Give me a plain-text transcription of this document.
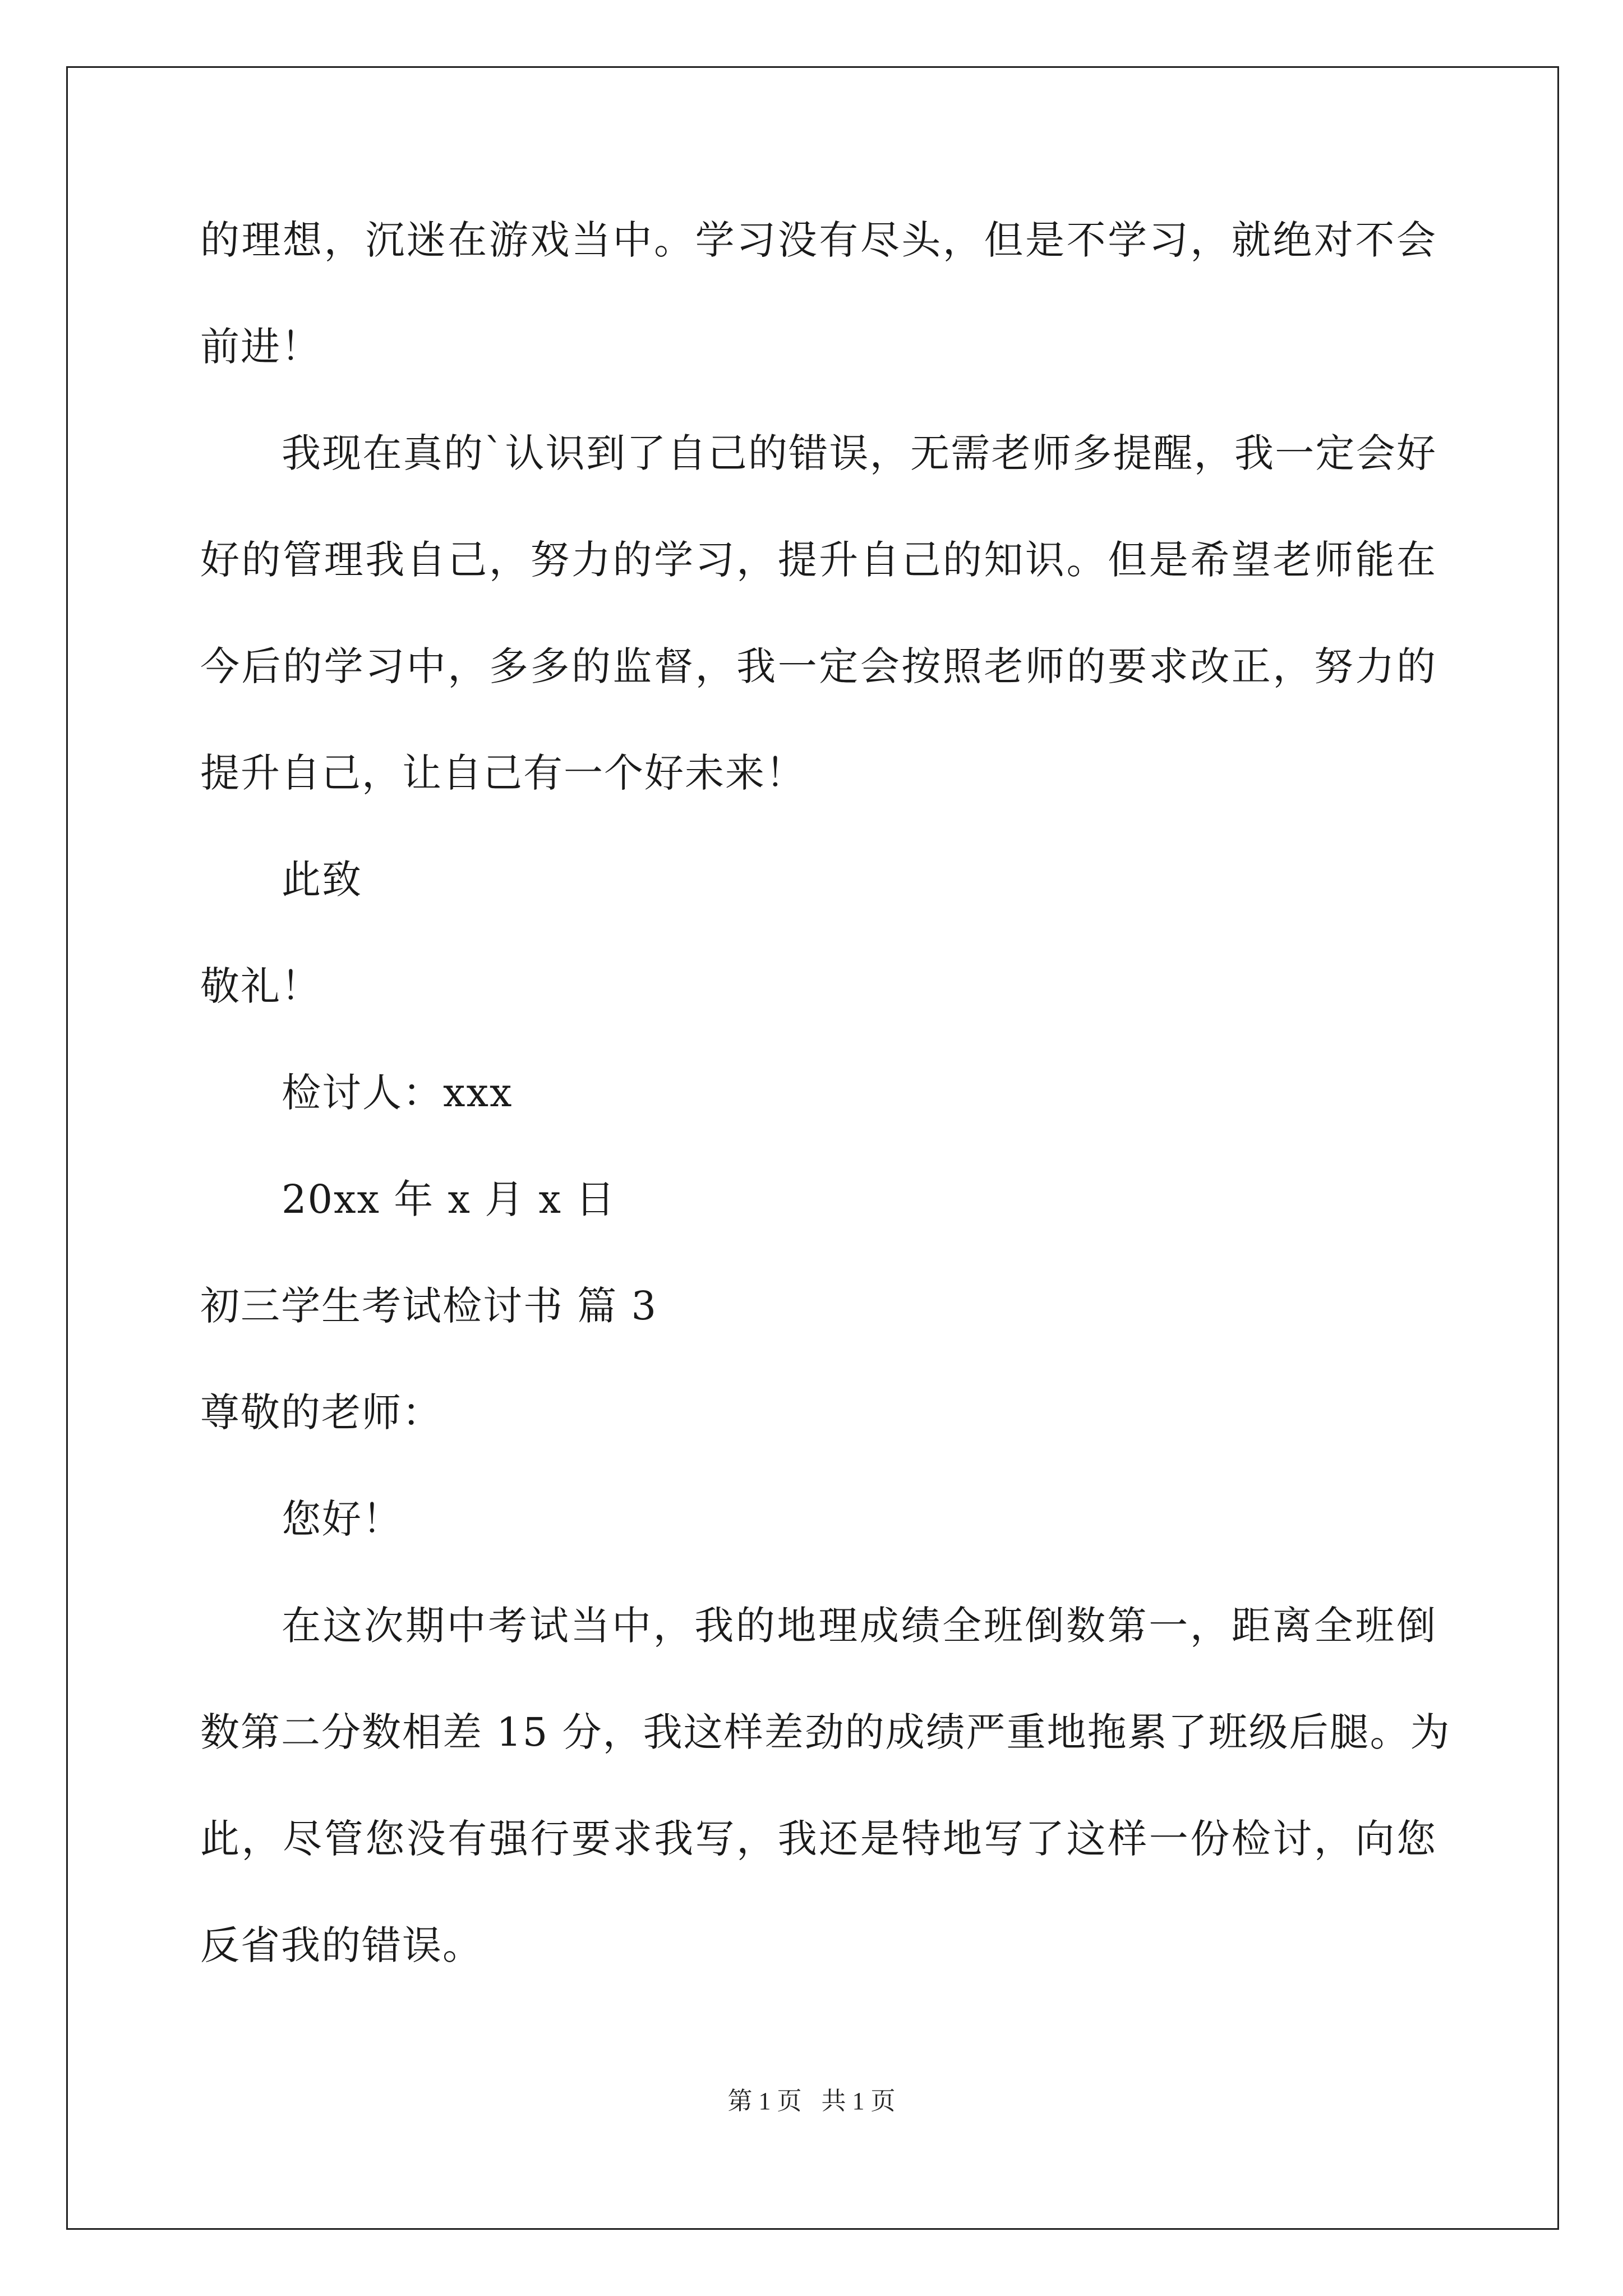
的理想，沉迷在游戏当中。学习没有尽头，但是不学习，就绝对不会
前进！
我现在真的`认识到了自己的错误，无需老师多提醒，我一定会好
好的管理我自己，努力的学习，提升自己的知识。但是希望老师能在
今后的学习中，多多的监督，我一定会按照老师的要求改正，努力的
提升自己，让自己有一个好未来！
此致
敬礼！
检讨人：xxx
20xx 年 x 月 x 日
初三学生考试检讨书 篇 3
尊敬的老师：
您好！
在这次期中考试当中，我的地理成绩全班倒数第一，距离全班倒
数第二分数相差 15 分，我这样差劲的成绩严重地拖累了班级后腿。为
此，尽管您没有强行要求我写，我还是特地写了这样一份检讨，向您
反省我的错误。
第 1 页 共 1 页
